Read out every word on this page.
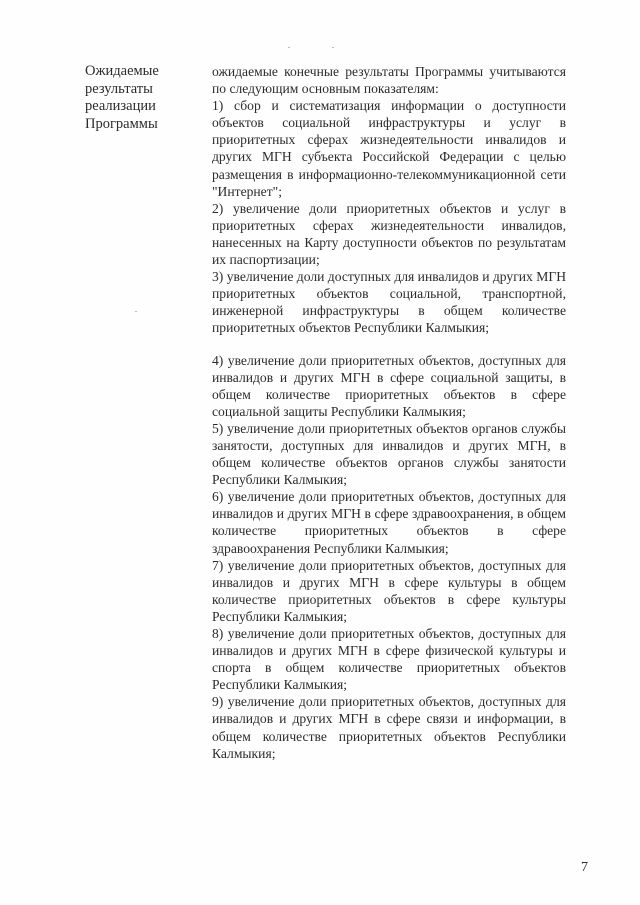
Ожидаемые
результаты
реализации
Программы
ожидаемые конечные результаты Программы учитываются по следующим основным показателям:
1) сбор и систематизация информации о доступности объектов социальной инфраструктуры и услуг в приоритетных сферах жизнедеятельности инвалидов и других МГН субъекта Российской Федерации с целью размещения в информационно-телекоммуникационной сети "Интернет";
2) увеличение доли приоритетных объектов и услуг в приоритетных сферах жизнедеятельности инвалидов, нанесенных на Карту доступности объектов по результатам их паспортизации;
3) увеличение доли доступных для инвалидов и других МГН приоритетных объектов социальной, транспортной, инженерной инфраструктуры в общем количестве приоритетных объектов Республики Калмыкия;
4) увеличение доли приоритетных объектов, доступных для инвалидов и других МГН в сфере социальной защиты, в общем количестве приоритетных объектов в сфере социальной защиты Республики Калмыкия;
5) увеличение доли приоритетных объектов органов службы занятости, доступных для инвалидов и других МГН, в общем количестве объектов органов службы занятости Республики Калмыкия;
6) увеличение доли приоритетных объектов, доступных для инвалидов и других МГН в сфере здравоохранения, в общем количестве приоритетных объектов в сфере здравоохранения Республики Калмыкия;
7) увеличение доли приоритетных объектов, доступных для инвалидов и других МГН в сфере культуры в общем количестве приоритетных объектов в сфере культуры Республики Калмыкия;
8) увеличение доли приоритетных объектов, доступных для инвалидов и других МГН в сфере физической культуры и спорта в общем количестве приоритетных объектов Республики Калмыкия;
9) увеличение доли приоритетных объектов, доступных для инвалидов и других МГН в сфере связи и информации, в общем количестве приоритетных объектов Республики Калмыкия;
7
